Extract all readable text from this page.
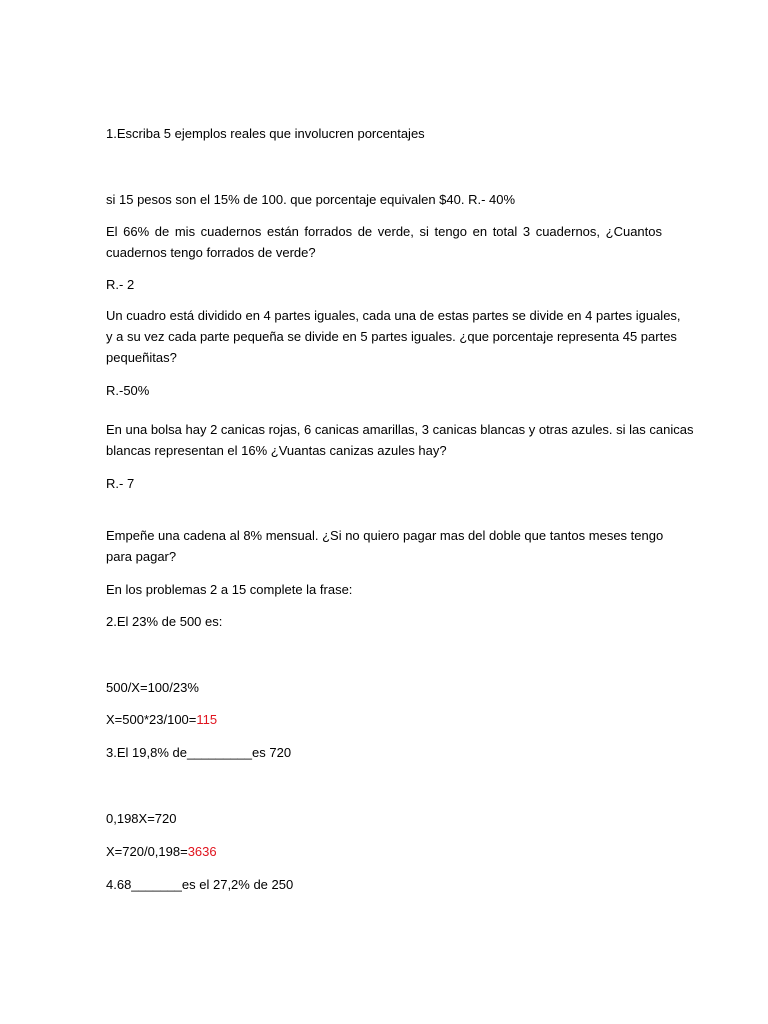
1.Escriba 5 ejemplos reales que involucren porcentajes
si 15 pesos son el 15% de 100. que porcentaje equivalen $40. R.- 40%
El 66% de mis cuadernos están forrados de verde, si tengo en total 3 cuadernos, ¿Cuantos
cuadernos tengo forrados de verde?
R.- 2
Un cuadro está dividido en 4 partes iguales, cada una de estas partes se divide en 4 partes iguales,
y a su vez cada parte pequeña se divide en 5 partes iguales. ¿que porcentaje representa 45 partes
pequeñitas?
R.-50%
En una bolsa hay 2 canicas rojas, 6 canicas amarillas, 3 canicas blancas y otras azules. si las canicas
blancas representan el 16% ¿Vuantas canizas azules hay?
R.- 7
Empeñe una cadena al 8% mensual. ¿Si no quiero pagar mas del doble que tantos meses tengo
para pagar?
En los problemas 2 a 15 complete la frase:
2.El 23% de 500 es:
500/X=100/23%
X=500*23/100=115
3.El 19,8% de_________es 720
0,198X=720
X=720/0,198=3636
4.68_______es el 27,2% de 250
